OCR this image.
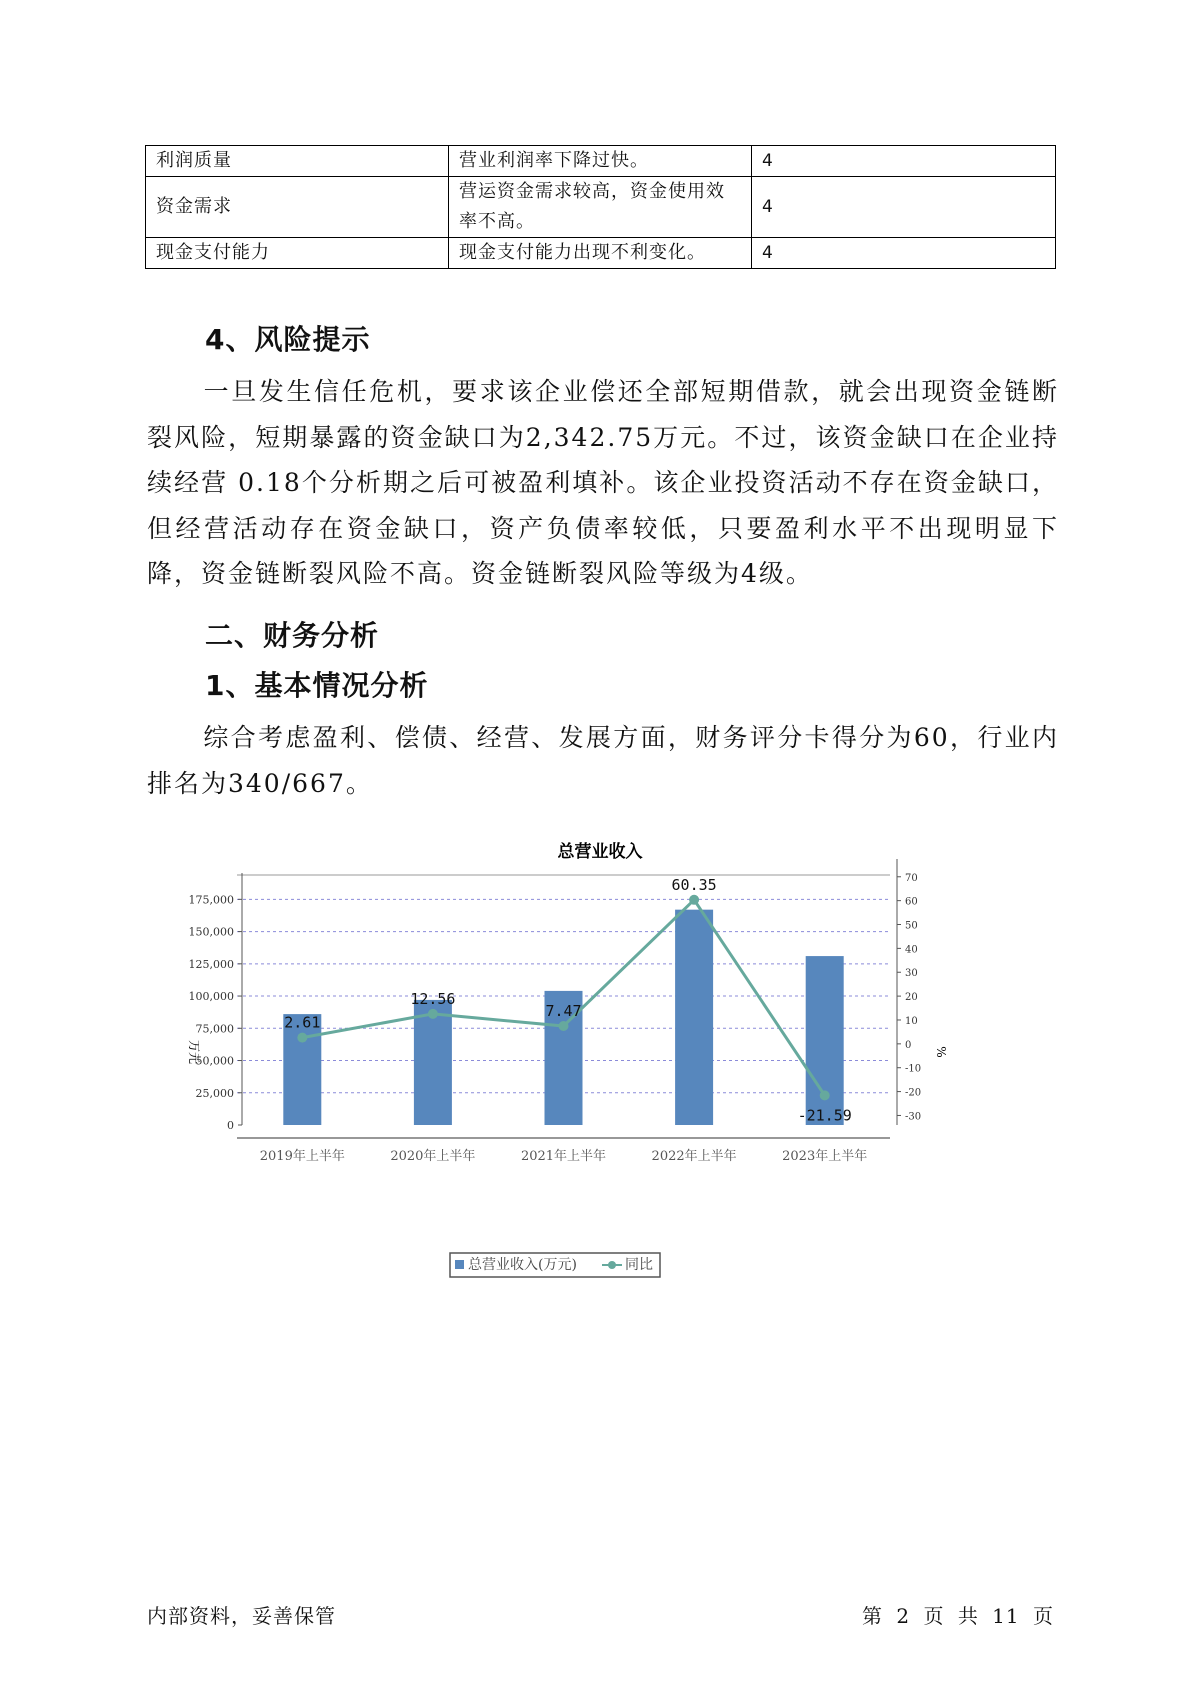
利润质量	营业利润率下降过快。	4
资金需求	营运资金需求较高，资金使用效率不高。	4
现金支付能力	现金支付能力出现不利变化。	4
4、风险提示

一旦发生信任危机，要求该企业偿还全部短期借款，就会出现资金链断裂风险，短期暴露的资金缺口为2,342.75万元。不过，该资金缺口在企业持续经营 0.18个分析期之后可被盈利填补。该企业投资活动不存在资金缺口，但经营活动存在资金缺口，资产负债率较低，只要盈利水平不出现明显下降，资金链断裂风险不高。资金链断裂风险等级为4级。

二、财务分析
1、基本情况分析

综合考虑盈利、偿债、经营、发展方面，财务评分卡得分为60，行业内排名为340/667。

总营业收入
2.61
12.56
7.47
60.35
-21.59
0
25,000
50,000
75,000
100,000
125,000
150,000
175,000
-30
-20
-10
0
10
20
30
40
50
60
70
2019年上半年	2020年上半年	2021年上半年	2022年上半年	2023年上半年
万元	%
总营业收入(万元)	同比
内部资料，妥善保管	第 2 页 共 11 页
